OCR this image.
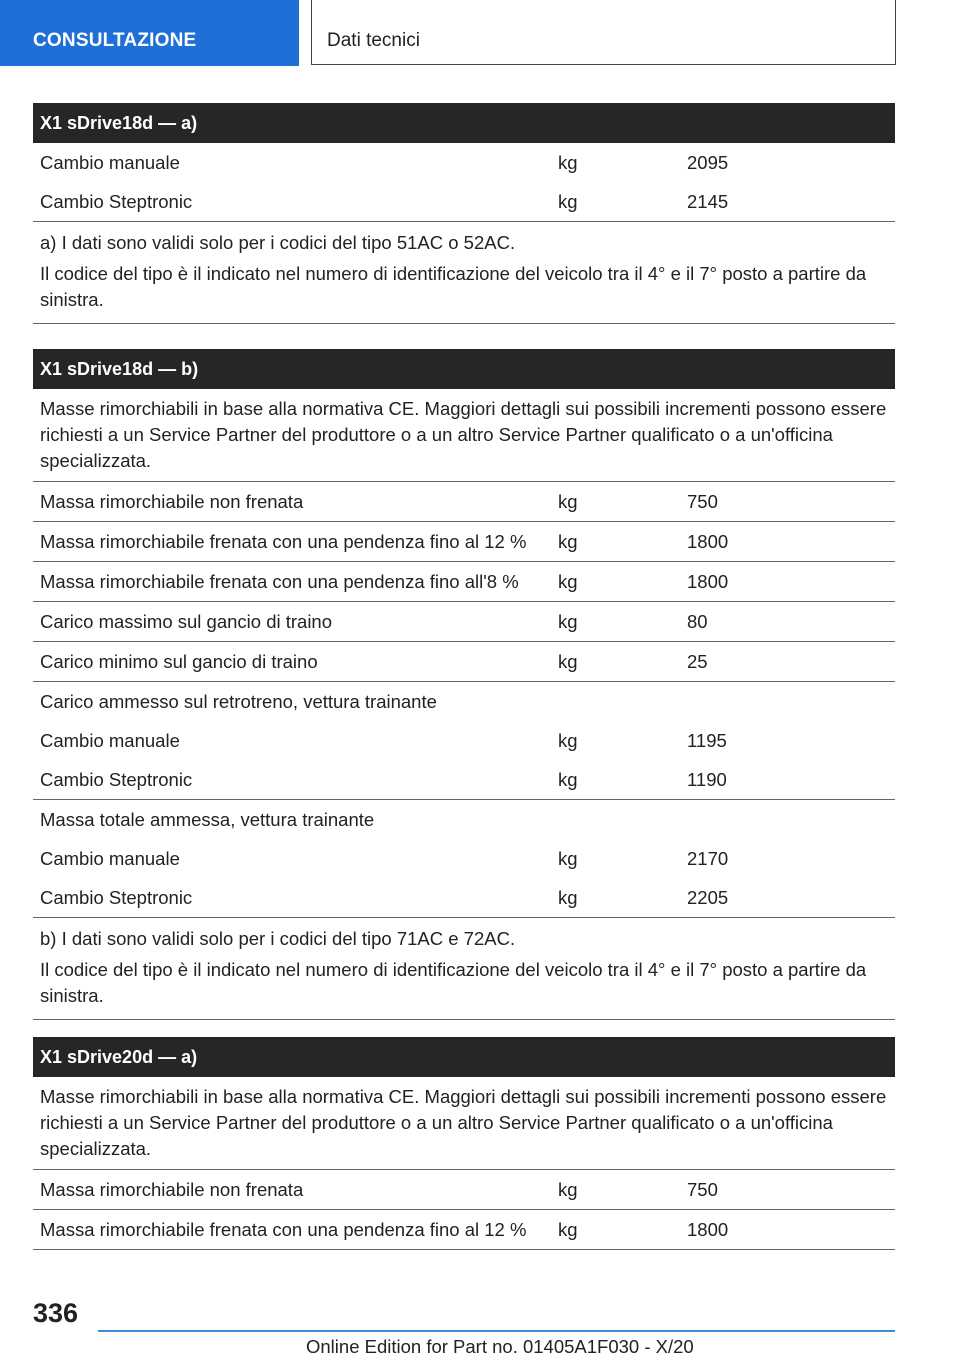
CONSULTAZIONE	Dati tecnici
X1 sDrive18d — a)
Cambio manuale	kg	2095
Cambio Steptronic	kg	2145

a) I dati sono validi solo per i codici del tipo 51AC o 52AC.

Il codice del tipo è il indicato nel numero di identificazione del veicolo tra il 4° e il 7° posto a partire da sinistra.

X1 sDrive18d — b)
Masse rimorchiabili in base alla normativa CE. Maggiori dettagli sui possibili incrementi possono essere richiesti a un Service Partner del produttore o a un altro Service Partner qualificato o a un'officina specializzata.
Massa rimorchiabile non frenata	kg	750
Massa rimorchiabile frenata con una pendenza fino al 12 % kg	1800
Massa rimorchiabile frenata con una pendenza fino all'8 % kg	1800
Carico massimo sul gancio di traino	kg	80
Carico minimo sul gancio di traino	kg	25
Carico ammesso sul retrotreno, vettura trainante
Cambio manuale	kg	1195
Cambio Steptronic	kg	1190
Massa totale ammessa, vettura trainante
Cambio manuale	kg	2170
Cambio Steptronic	kg	2205

b) I dati sono validi solo per i codici del tipo 71AC e 72AC.

Il codice del tipo è il indicato nel numero di identificazione del veicolo tra il 4° e il 7° posto a partire da sinistra.

X1 sDrive20d — a)
Masse rimorchiabili in base alla normativa CE. Maggiori dettagli sui possibili incrementi possono essere richiesti a un Service Partner del produttore o a un altro Service Partner qualificato o a un'officina specializzata.
Massa rimorchiabile non frenata	kg	750
Massa rimorchiabile frenata con una pendenza fino al 12 % kg	1800
336
Online Edition for Part no. 01405A1F030 - X/20
